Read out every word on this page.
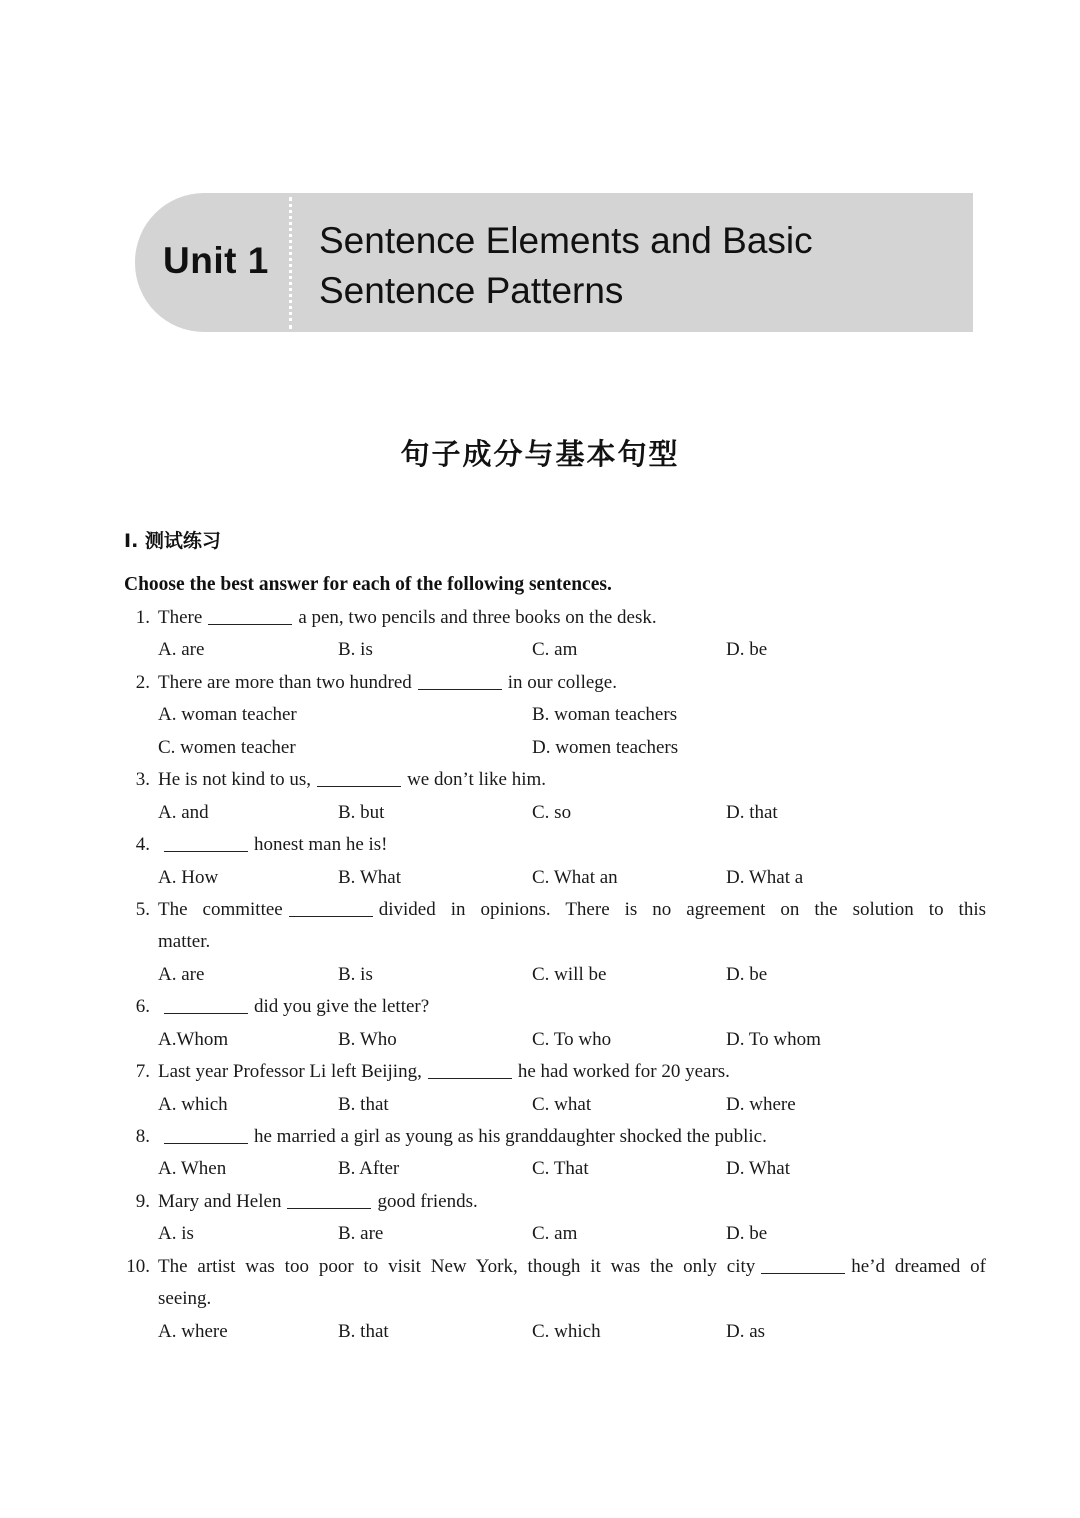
Unit 1 Sentence Elements and Basic
Sentence Patterns
句子成分与基本句型
I. 测试练习
Choose the best answer for each of the following sentences.
1. There	a pen, two pencils and three books on the desk.
A. are	B. is	C. am	D. be
2. There are more than two hundred	in our college.
A. woman teacher	B. woman teachers
C. women teacher	D. women teachers
3. He is not kind to us,	we don’t like him.
A. and	B. but	C. so	D. that
4.	honest man he is!
A. How	B. What	C. What an	D. What a
5. The committee	divided in opinions. There is no agreement on the solution to this
matter.
A. are	B. is	C. will be	D. be
6.	did you give the letter?
A.Whom	B. Who	C. To who	D. To whom
7. Last year Professor Li left Beijing,	he had worked for 20 years.
A. which	B. that	C. what	D. where
8.	he married a girl as young as his granddaughter shocked the public.
A. When	B. After	C. That	D. What
9. Mary and Helen	good friends.
A. is	B. are	C. am	D. be
10. The artist was too poor to visit New York, though it was the only city	he’d dreamed of
seeing.
A. where	B. that	C. which	D. as
